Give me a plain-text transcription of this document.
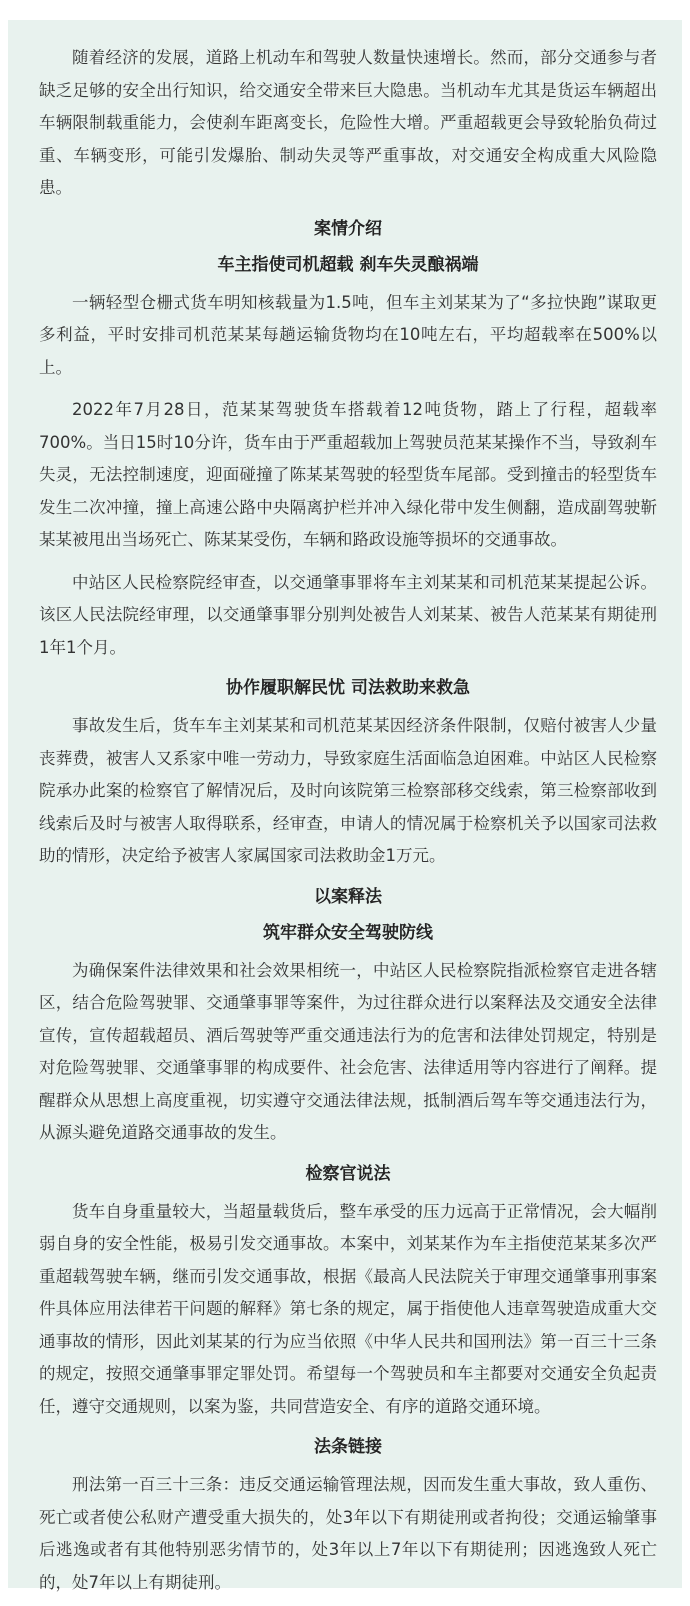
随着经济的发展，道路上机动车和驾驶人数量快速增长。然而，部分交通参与者缺乏足够的安全出行知识，给交通安全带来巨大隐患。当机动车尤其是货运车辆超出车辆限制载重能力，会使刹车距离变长，危险性大增。严重超载更会导致轮胎负荷过重、车辆变形，可能引发爆胎、制动失灵等严重事故，对交通安全构成重大风险隐患。

案情介绍
车主指使司机超载 刹车失灵酿祸端

一辆轻型仓栅式货车明知核载量为1.5吨，但车主刘某某为了“多拉快跑”谋取更多利益，平时安排司机范某某每趟运输货物均在10吨左右，平均超载率在500%以上。

2022年7月28日，范某某驾驶货车搭载着12吨货物，踏上了行程，超载率700%。当日15时10分许，货车由于严重超载加上驾驶员范某某操作不当，导致刹车失灵，无法控制速度，迎面碰撞了陈某某驾驶的轻型货车尾部。受到撞击的轻型货车发生二次冲撞，撞上高速公路中央隔离护栏并冲入绿化带中发生侧翻，造成副驾驶靳某某被甩出当场死亡、陈某某受伤，车辆和路政设施等损坏的交通事故。

中站区人民检察院经审查，以交通肇事罪将车主刘某某和司机范某某提起公诉。该区人民法院经审理，以交通肇事罪分别判处被告人刘某某、被告人范某某有期徒刑1年1个月。

协作履职解民忧 司法救助来救急

事故发生后，货车车主刘某某和司机范某某因经济条件限制，仅赔付被害人少量丧葬费，被害人又系家中唯一劳动力，导致家庭生活面临急迫困难。中站区人民检察院承办此案的检察官了解情况后，及时向该院第三检察部移交线索，第三检察部收到线索后及时与被害人取得联系，经审查，申请人的情况属于检察机关予以国家司法救助的情形，决定给予被害人家属国家司法救助金1万元。

以案释法
筑牢群众安全驾驶防线

为确保案件法律效果和社会效果相统一，中站区人民检察院指派检察官走进各辖区，结合危险驾驶罪、交通肇事罪等案件，为过往群众进行以案释法及交通安全法律宣传，宣传超载超员、酒后驾驶等严重交通违法行为的危害和法律处罚规定，特别是对危险驾驶罪、交通肇事罪的构成要件、社会危害、法律适用等内容进行了阐释。提醒群众从思想上高度重视，切实遵守交通法律法规，抵制酒后驾车等交通违法行为，从源头避免道路交通事故的发生。

检察官说法

货车自身重量较大，当超量载货后，整车承受的压力远高于正常情况，会大幅削弱自身的安全性能，极易引发交通事故。本案中，刘某某作为车主指使范某某多次严重超载驾驶车辆，继而引发交通事故，根据《最高人民法院关于审理交通肇事刑事案件具体应用法律若干问题的解释》第七条的规定，属于指使他人违章驾驶造成重大交通事故的情形，因此刘某某的行为应当依照《中华人民共和国刑法》第一百三十三条的规定，按照交通肇事罪定罪处罚。希望每一个驾驶员和车主都要对交通安全负起责任，遵守交通规则，以案为鉴，共同营造安全、有序的道路交通环境。

法条链接

刑法第一百三十三条：违反交通运输管理法规，因而发生重大事故，致人重伤、死亡或者使公私财产遭受重大损失的，处3年以下有期徒刑或者拘役；交通运输肇事后逃逸或者有其他特别恶劣情节的，处3年以上7年以下有期徒刑；因逃逸致人死亡的，处7年以上有期徒刑。
